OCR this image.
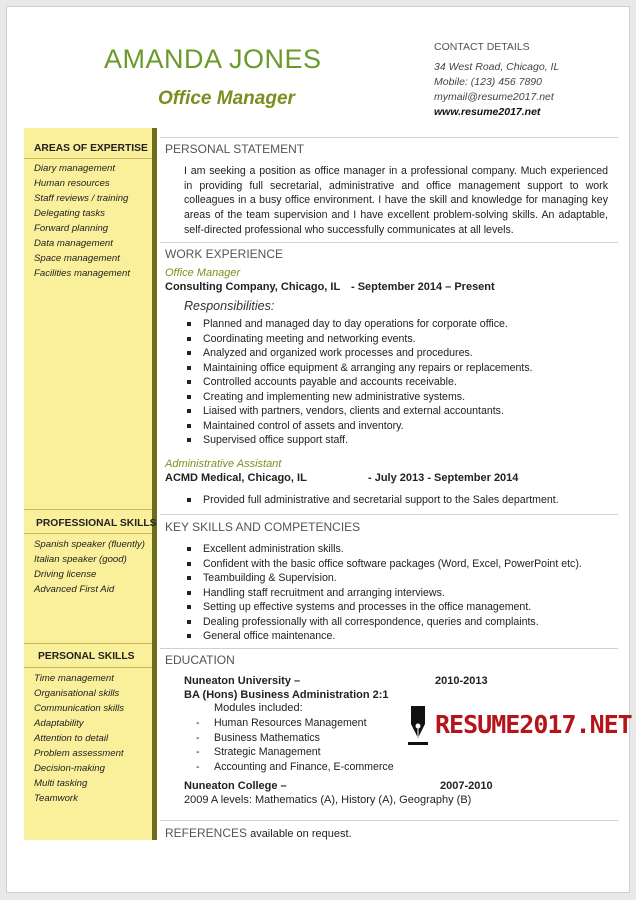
AMANDA JONES
Office Manager
CONTACT DETAILS
34 West Road, Chicago, IL
Mobile: (123) 456 7890
mymail@resume2017.net
www.resume2017.net
AREAS OF EXPERTISE
Diary management
Human resources
Staff reviews / training
Delegating tasks
Forward planning
Data management
Space management
Facilities management
PROFESSIONAL SKILLS
Spanish speaker (fluently)
Italian speaker (good)
Driving license
Advanced First Aid
PERSONAL SKILLS
Time management
Organisational skills
Communication skills
Adaptability
Attention to detail
Problem assessment
Decision-making
Multi tasking
Teamwork
PERSONAL STATEMENT
I am seeking a position as office manager in a professional company. Much experienced in providing full secretarial, administrative and office management support to work colleagues in a busy office environment. I have the skill and knowledge for managing key areas of the team supervision and I have excellent problem-solving skills. An adaptable, self-directed professional who successfully communicates at all levels.
WORK EXPERIENCE
Office Manager
Consulting Company, Chicago, IL - September 2014 – Present
Responsibilities:
Planned and managed day to day operations for corporate office.
Coordinating meeting and networking events.
Analyzed and organized work processes and procedures.
Maintaining office equipment & arranging any repairs or replacements.
Controlled accounts payable and accounts receivable.
Creating and implementing new administrative systems.
Liaised with partners, vendors, clients and external accountants.
Maintained control of assets and inventory.
Supervised office support staff.
Administrative Assistant
ACMD Medical, Chicago, IL	- July 2013 - September 2014
Provided full administrative and secretarial support to the Sales department.
KEY SKILLS AND COMPETENCIES
Excellent administration skills.
Confident with the basic office software packages (Word, Excel, PowerPoint etc).
Teambuilding & Supervision.
Handling staff recruitment and arranging interviews.
Setting up effective systems and processes in the office management.
Dealing professionally with all correspondence, queries and complaints.
General office maintenance.
EDUCATION
Nuneaton University –	2010-2013
BA (Hons) Business Administration 2:1
Modules included:
- Human Resources Management
- Business Mathematics
- Strategic Management
- Accounting and Finance, E-commerce
Nuneaton College –	2007-2010
2009 A levels: Mathematics (A), History (A), Geography (B)
RESUME2017.NET
REFERENCES available on request.
